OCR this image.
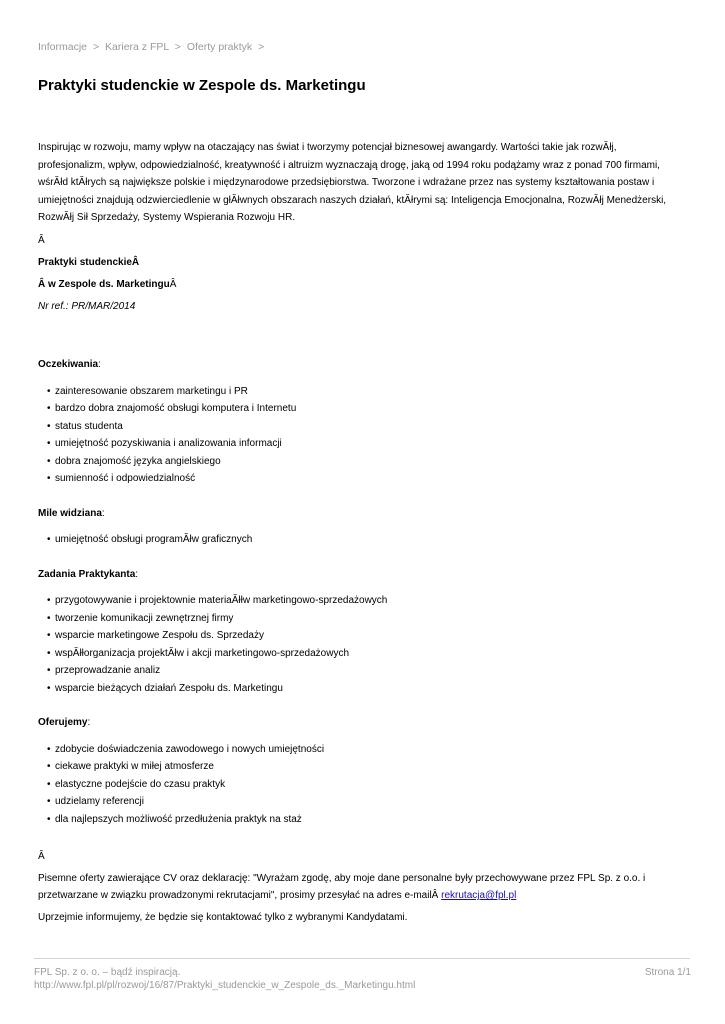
Informacje > Kariera z FPL > Oferty praktyk >
Praktyki studenckie w Zespole ds. Marketingu

Inspirując w rozwoju, mamy wpływ na otaczający nas świat i tworzymy potencjał biznesowej awangardy. Wartości takie jak rozwĂłj, profesjonalizm, wpływ, odpowiedzialność, kreatywność i altruizm wyznaczają drogę, jaką od 1994 roku podążamy wraz z ponad 700 firmami, wśrĂłd ktĂłrych są największe polskie i międzynarodowe przedsiębiorstwa. Tworzone i wdrażane przez nas systemy kształtowania postaw i umiejętności znajdują odzwierciedlenie w głĂłwnych obszarach naszych działań, ktĂłrymi są: Inteligencja Emocjonalna, RozwĂłj Menedżerski, RozwĂłj Sił Sprzedaży, Systemy Wspierania Rozwoju HR.

Â

Praktyki studenckieÂ

Â w Zespole ds. MarketinguÂ

Nr ref.: PR/MAR/2014

Oczekiwania:

• zainteresowanie obszarem marketingu i PR
• bardzo dobra znajomość obsługi komputera i Internetu
• status studenta
• umiejętność pozyskiwania i analizowania informacji
• dobra znajomość języka angielskiego
• sumienność i odpowiedzialność

Mile widziana:

• umiejętność obsługi programĂłw graficznych

Zadania Praktykanta:

• przygotowywanie i projektownie materiaĂłłw marketingowo-sprzedażowych
• tworzenie komunikacji zewnętrznej firmy
• wsparcie marketingowe Zespołu ds. Sprzedaży
• wspĂłłorganizacja projektĂłw i akcji marketingowo-sprzedażowych
• przeprowadzanie analiz
• wsparcie bieżących działań Zespołu ds. Marketingu

Oferujemy:

• zdobycie doświadczenia zawodowego i nowych umiejętności
• ciekawe praktyki w miłej atmosferze
• elastyczne podejście do czasu praktyk
• udzielamy referencji
• dla najlepszych możliwość przedłużenia praktyk na staż

Â

Pisemne oferty zawierające CV oraz deklarację: "Wyrażam zgodę, aby moje dane personalne były przechowywane przez FPL Sp. z o.o. i przetwarzane w związku prowadzonymi rekrutacjami", prosimy przesyłać na adres e-mailÂ rekrutacja@fpl.pl

Uprzejmie informujemy, że będzie się kontaktować tylko z wybranymi Kandydatami.

FPL Sp. z o. o. – bądź inspiracją.
http://www.fpl.pl/pl/rozwoj/16/87/Praktyki_studenckie_w_Zespole_ds._Marketingu.html
Strona 1/1
